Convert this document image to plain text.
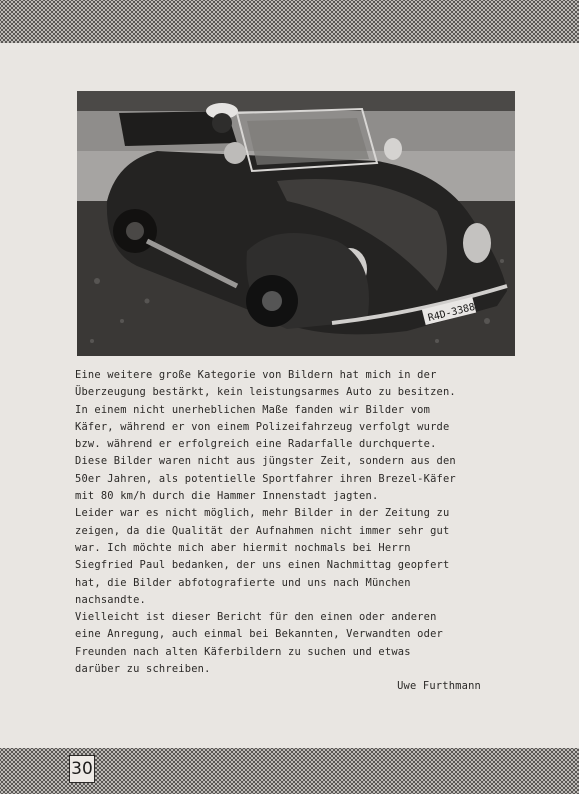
R4D-3388

Eine weitere große Kategorie von Bildern hat mich in der

Überzeugung bestärkt, kein leistungsarmes Auto zu besitzen.

In einem nicht unerheblichen Maße fanden wir Bilder vom

Käfer, während er von einem Polizeifahrzeug verfolgt wurde

bzw. während er erfolgreich eine Radarfalle durchquerte.

Diese Bilder waren nicht aus jüngster Zeit, sondern aus den

50er Jahren, als potentielle Sportfahrer ihren Brezel-Käfer

mit 80 km/h durch die Hammer Innenstadt jagten.

Leider war es nicht möglich, mehr Bilder in der Zeitung zu

zeigen, da die Qualität der Aufnahmen nicht immer sehr gut

war. Ich möchte mich aber hiermit nochmals bei Herrn

Siegfried Paul bedanken, der uns einen Nachmittag geopfert

hat, die Bilder abfotografierte und uns nach München

nachsandte.

Vielleicht ist dieser Bericht für den einen oder anderen

eine Anregung, auch einmal bei Bekannten, Verwandten oder

Freunden nach alten Käferbildern zu suchen und etwas

darüber zu schreiben.

Uwe Furthmann

30
